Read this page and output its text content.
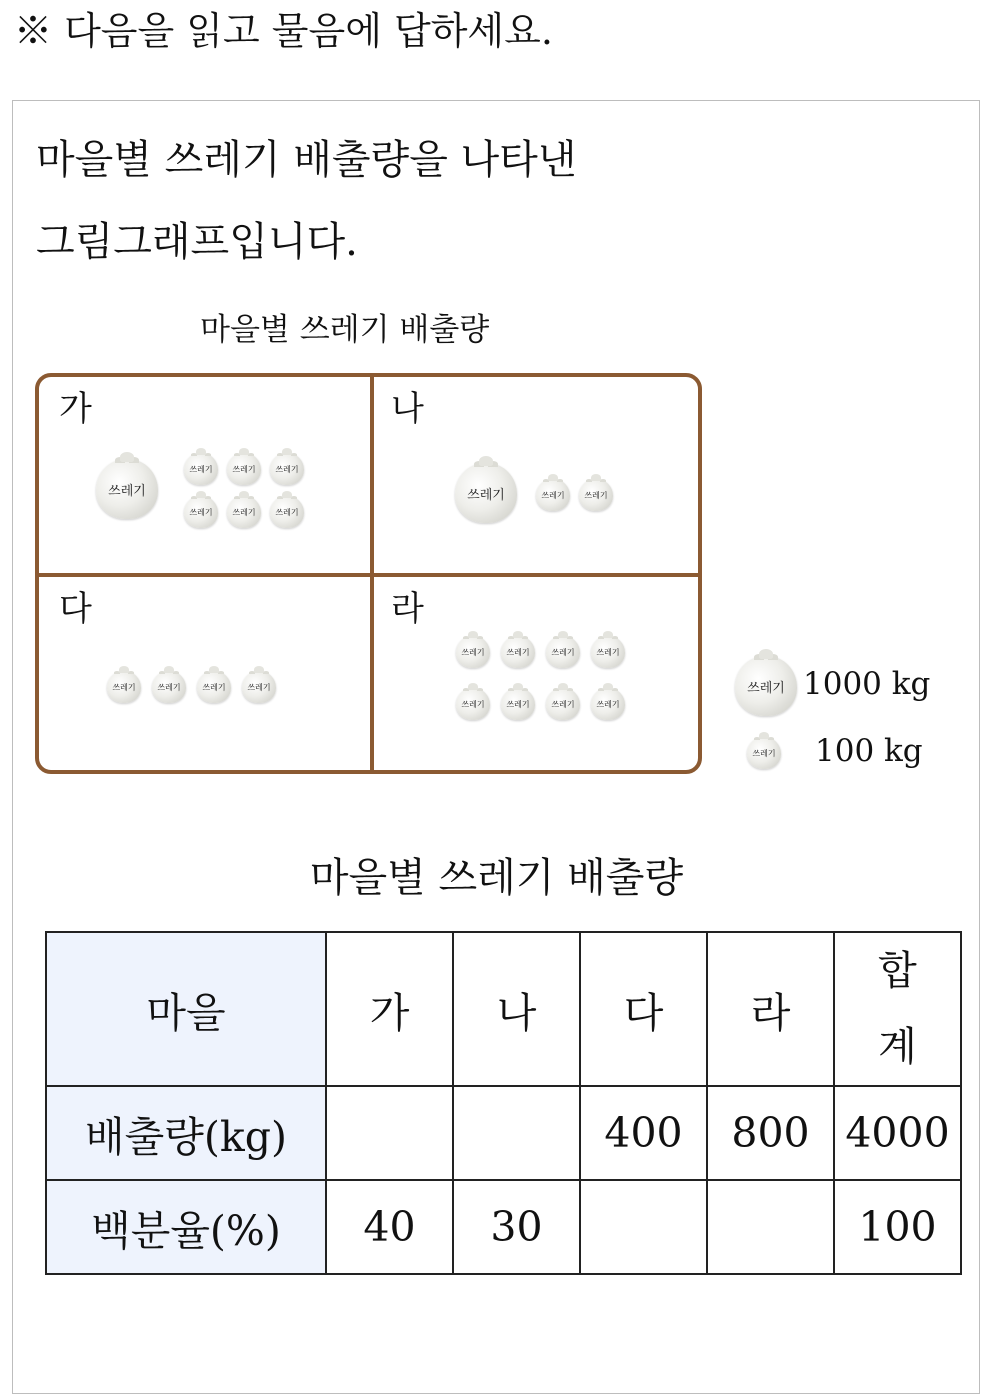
※ 다음을 읽고 물음에 답하세요.
마을별 쓰레기 배출량을 나타낸
그림그래프입니다.
마을별 쓰레기 배출량
가
쓰레기
쓰레기 쓰레기 쓰레기
쓰레기 쓰레기 쓰레기
나
쓰레기	쓰레기 쓰레기
다
쓰레기	쓰레기	쓰레기	쓰레기
라
쓰레기	쓰레기	쓰레기	쓰레기
쓰레기	쓰레기	쓰레기	쓰레기
쓰레기 1000 kg
쓰레기 100 kg
마을별 쓰레기 배출량
마을	가	나	다	라	합
계

배출량(kg)			400	800	4000
백분율(%)	40	30			100
